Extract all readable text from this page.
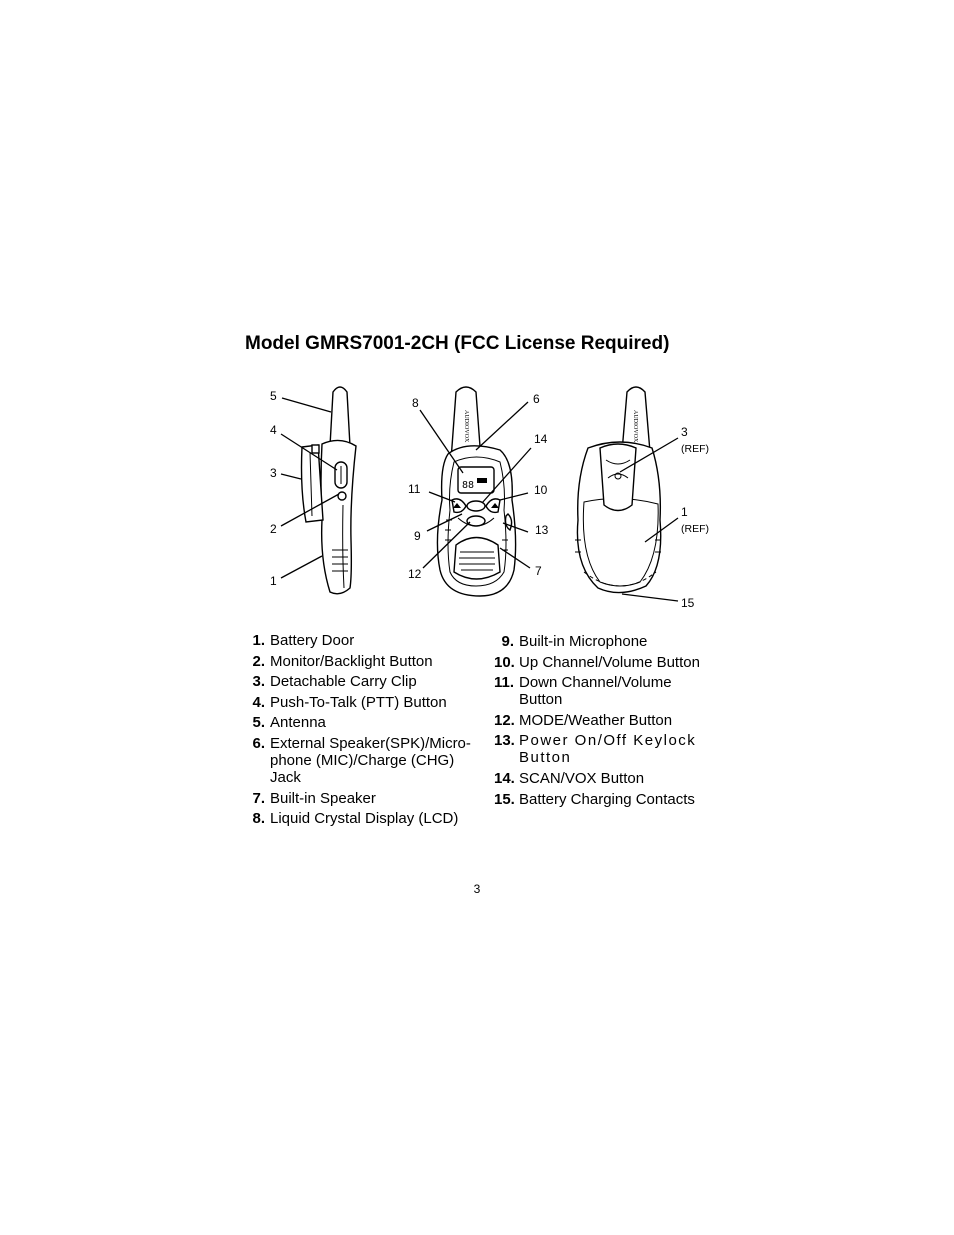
Model GMRS7001-2CH (FCC License Required)
AUDIOVOX
88
AUDIOVOX
5
4
3
2
1
8	6
14
11	10
9	13
12	7
3
(REF)
1
(REF)
15
1. Battery Door
2. Monitor/Backlight Button
3. Detachable Carry Clip
4. Push-To-Talk (PTT) Button
5. Antenna
6. External Speaker(SPK)/Micro-phone (MIC)/Charge (CHG) Jack
7. Built-in Speaker
8. Liquid Crystal Display (LCD)
9. Built-in Microphone
10. Up Channel/Volume Button
11. Down Channel/Volume Button
12. MODE/Weather Button
13. Power On/Off Keylock Button
14. SCAN/VOX Button
15. Battery Charging Contacts
3
